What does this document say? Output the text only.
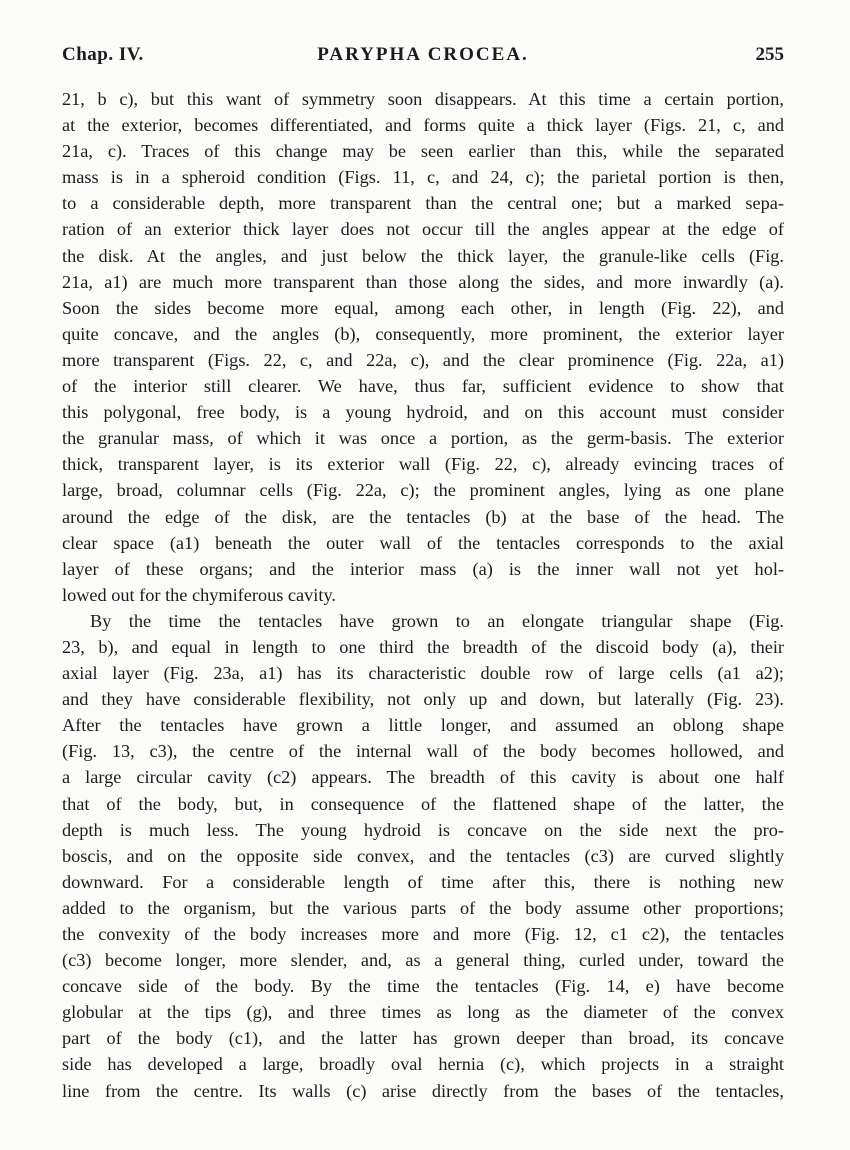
Chap. IV.	PARYPHA CROCEA.	255

21, b c), but this want of symmetry soon disappears. At this time a certain portion,
at the exterior, becomes differentiated, and forms quite a thick layer (Figs. 21, c, and
21a, c). Traces of this change may be seen earlier than this, while the separated
mass is in a spheroid condition (Figs. 11, c, and 24, c); the parietal portion is then,
to a considerable depth, more transparent than the central one; but a marked sepa-
ration of an exterior thick layer does not occur till the angles appear at the edge of
the disk. At the angles, and just below the thick layer, the granule-like cells (Fig.
21a, a1) are much more transparent than those along the sides, and more inwardly (a).
Soon the sides become more equal, among each other, in length (Fig. 22), and
quite concave, and the angles (b), consequently, more prominent, the exterior layer
more transparent (Figs. 22, c, and 22a, c), and the clear prominence (Fig. 22a, a1)
of the interior still clearer. We have, thus far, sufficient evidence to show that
this polygonal, free body, is a young hydroid, and on this account must consider
the granular mass, of which it was once a portion, as the germ-basis. The exterior
thick, transparent layer, is its exterior wall (Fig. 22, c), already evincing traces of
large, broad, columnar cells (Fig. 22a, c); the prominent angles, lying as one plane
around the edge of the disk, are the tentacles (b) at the base of the head. The
clear space (a1) beneath the outer wall of the tentacles corresponds to the axial
layer of these organs; and the interior mass (a) is the inner wall not yet hol-
lowed out for the chymiferous cavity.

By the time the tentacles have grown to an elongate triangular shape (Fig.
23, b), and equal in length to one third the breadth of the discoid body (a), their
axial layer (Fig. 23a, a1) has its characteristic double row of large cells (a1 a2);
and they have considerable flexibility, not only up and down, but laterally (Fig. 23).
After the tentacles have grown a little longer, and assumed an oblong shape
(Fig. 13, c3), the centre of the internal wall of the body becomes hollowed, and
a large circular cavity (c2) appears. The breadth of this cavity is about one half
that of the body, but, in consequence of the flattened shape of the latter, the
depth is much less. The young hydroid is concave on the side next the pro-
boscis, and on the opposite side convex, and the tentacles (c3) are curved slightly
downward. For a considerable length of time after this, there is nothing new
added to the organism, but the various parts of the body assume other proportions;
the convexity of the body increases more and more (Fig. 12, c1 c2), the tentacles
(c3) become longer, more slender, and, as a general thing, curled under, toward the
concave side of the body. By the time the tentacles (Fig. 14, e) have become
globular at the tips (g), and three times as long as the diameter of the convex
part of the body (c1), and the latter has grown deeper than broad, its concave
side has developed a large, broadly oval hernia (c), which projects in a straight
line from the centre. Its walls (c) arise directly from the bases of the tentacles,
